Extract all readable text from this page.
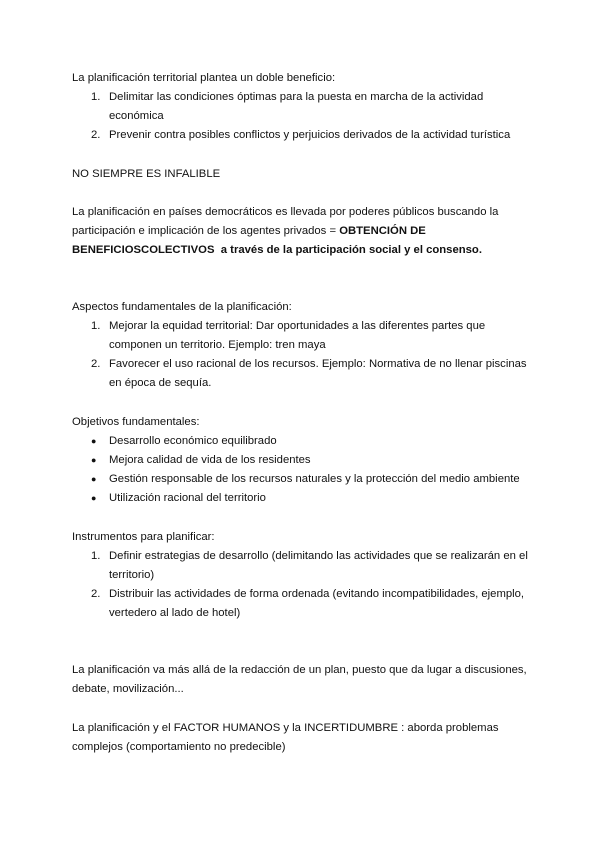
La planificación territorial plantea un doble beneficio:

1. Delimitar las condiciones óptimas para la puesta en marcha de la actividad económica
2. Prevenir contra posibles conflictos y perjuicios derivados de la actividad turística

NO SIEMPRE ES INFALIBLE

La planificación en países democráticos es llevada por poderes públicos buscando la participación e implicación de los agentes privados = OBTENCIÓN DE BENEFICIOSCOLECTIVOS a través de la participación social y el consenso.

Aspectos fundamentales de la planificación:

1. Mejorar la equidad territorial: Dar oportunidades a las diferentes partes que componen un territorio. Ejemplo: tren maya
2. Favorecer el uso racional de los recursos. Ejemplo: Normativa de no llenar piscinas en época de sequía.

Objetivos fundamentales:

● Desarrollo económico equilibrado
● Mejora calidad de vida de los residentes
● Gestión responsable de los recursos naturales y la protección del medio ambiente
● Utilización racional del territorio

Instrumentos para planificar:

1. Definir estrategias de desarrollo (delimitando las actividades que se realizarán en el territorio)
2. Distribuir las actividades de forma ordenada (evitando incompatibilidades, ejemplo, vertedero al lado de hotel)

La planificación va más allá de la redacción de un plan, puesto que da lugar a discusiones, debate, movilización...

La planificación y el FACTOR HUMANOS y la INCERTIDUMBRE : aborda problemas complejos (comportamiento no predecible)
